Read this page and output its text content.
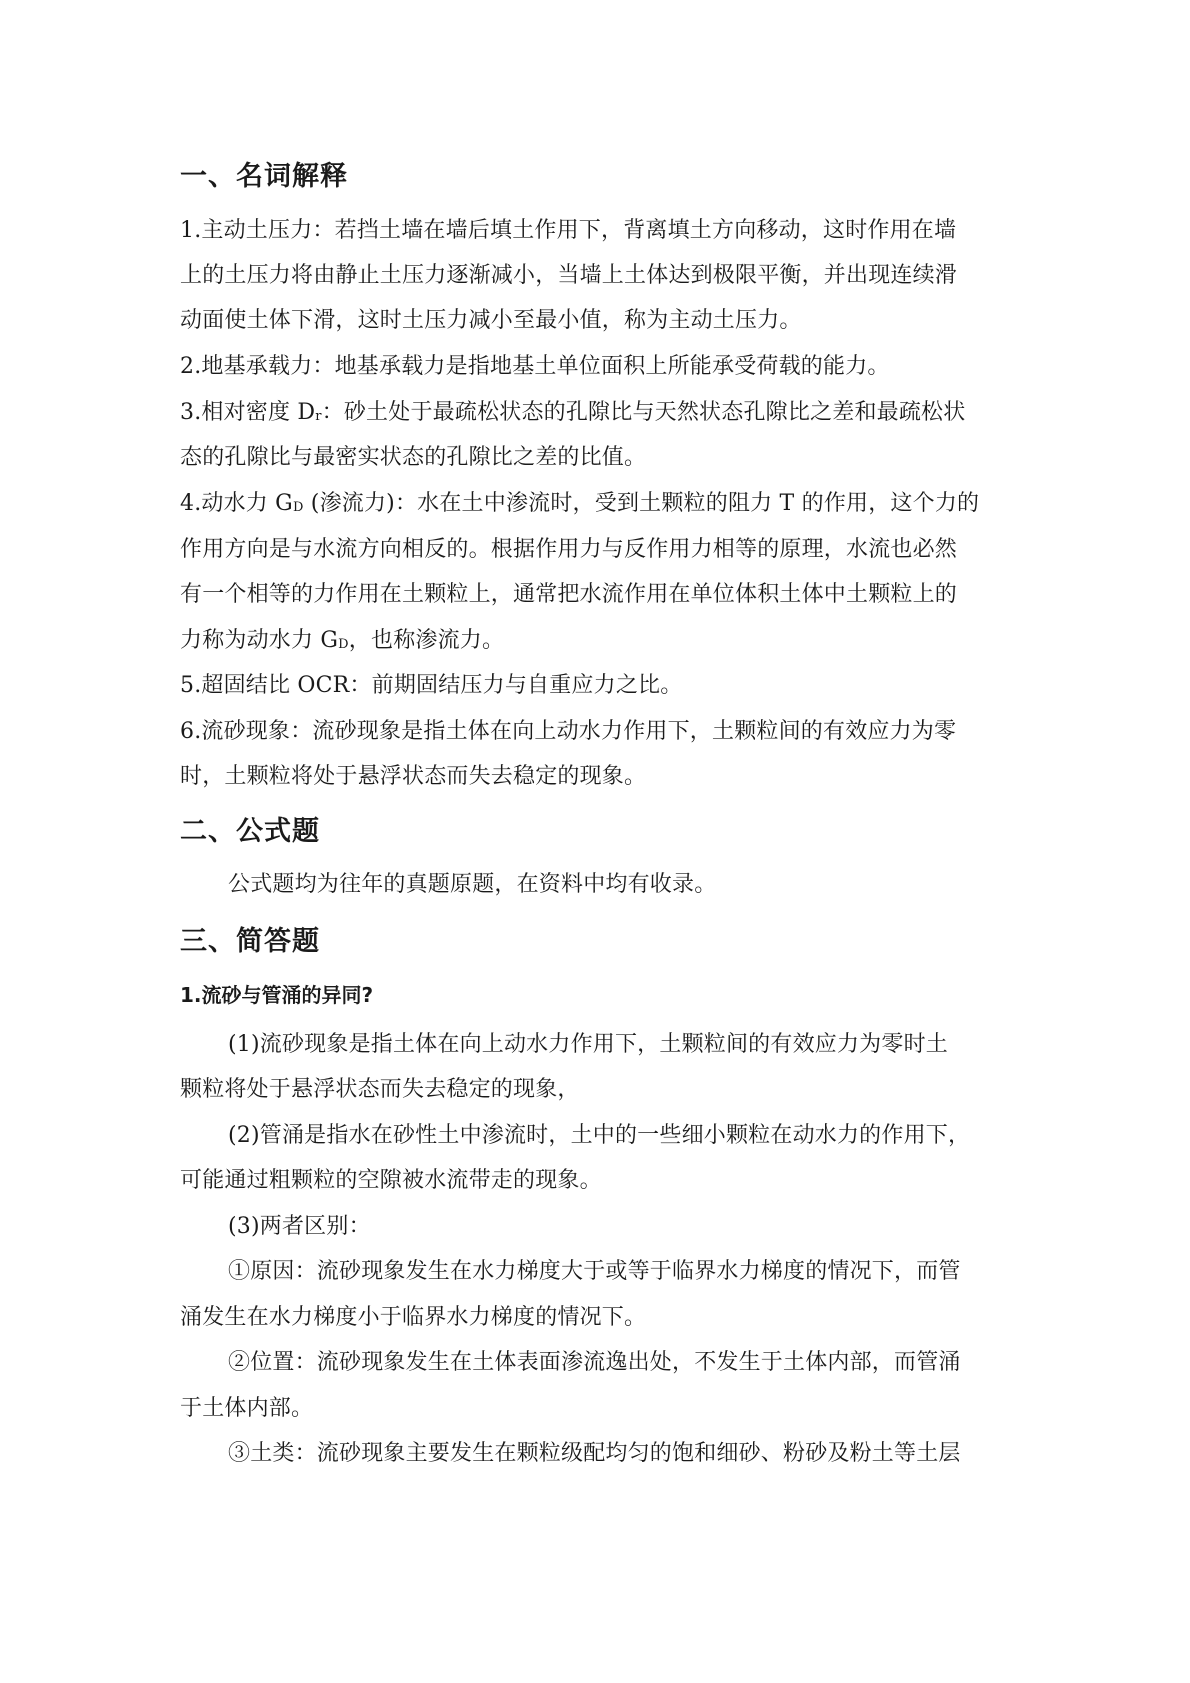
一、名词解释

1.主动土压力：若挡土墙在墙后填土作用下，背离填土方向移动，这时作用在墙

上的土压力将由静止土压力逐渐减小，当墙上土体达到极限平衡，并出现连续滑

动面使土体下滑，这时土压力减小至最小值，称为主动土压力。

2.地基承载力：地基承载力是指地基土单位面积上所能承受荷载的能力。

3.相对密度 $D_r$：砂土处于最疏松状态的孔隙比与天然状态孔隙比之差和最疏松状

态的孔隙比与最密实状态的孔隙比之差的比值。

4.动水力 $G_D$ (渗流力)：水在土中渗流时，受到土颗粒的阻力 T 的作用，这个力的

作用方向是与水流方向相反的。根据作用力与反作用力相等的原理，水流也必然

有一个相等的力作用在土颗粒上，通常把水流作用在单位体积土体中土颗粒上的

力称为动水力 $G_D$，也称渗流力。

5.超固结比 OCR：前期固结压力与自重应力之比。

6.流砂现象：流砂现象是指土体在向上动水力作用下，土颗粒间的有效应力为零

时，土颗粒将处于悬浮状态而失去稳定的现象。

二、公式题

公式题均为往年的真题原题，在资料中均有收录。

三、简答题

1.流砂与管涌的异同?

(1)流砂现象是指土体在向上动水力作用下，土颗粒间的有效应力为零时土

颗粒将处于悬浮状态而失去稳定的现象，

(2)管涌是指水在砂性土中渗流时，土中的一些细小颗粒在动水力的作用下，

可能通过粗颗粒的空隙被水流带走的现象。

(3)两者区别：

①原因：流砂现象发生在水力梯度大于或等于临界水力梯度的情况下，而管

涌发生在水力梯度小于临界水力梯度的情况下。

②位置：流砂现象发生在土体表面渗流逸出处，不发生于土体内部，而管涌

于土体内部。

③土类：流砂现象主要发生在颗粒级配均匀的饱和细砂、粉砂及粉土等土层
